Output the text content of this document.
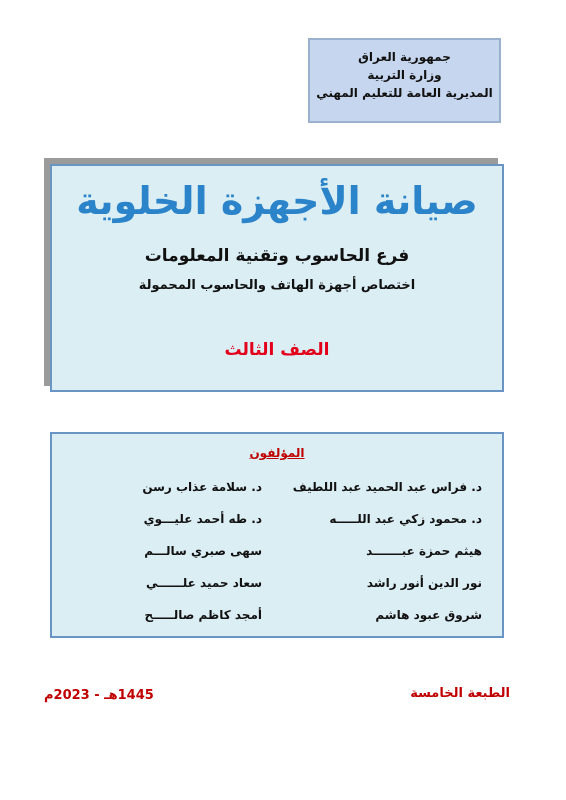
جمهورية العراق
وزارة التربية
المديرية العامة للتعليم المهني
صيانة الأجهزة الخلوية
فرع الحاسوب وتقنية المعلومات
اختصاص أجهزة الهاتف والحاسوب المحمولة
الصف الثالث
المؤلفون
د. فراس عبد الحميد عبد اللطيف
د. محمود زكي عبد اللـــــه
هيثم حمزة عبـــــــد
نور الدين أنور راشد
شروق عبود هاشم
د. سلامة عذاب رسن
د. طه أحمد عليـــوي
سهى صبري سالـــم
سعاد حميد علــــــي
أمجد كاظم صالـــــح
الطبعة الخامسة
1445هـ - 2023م
